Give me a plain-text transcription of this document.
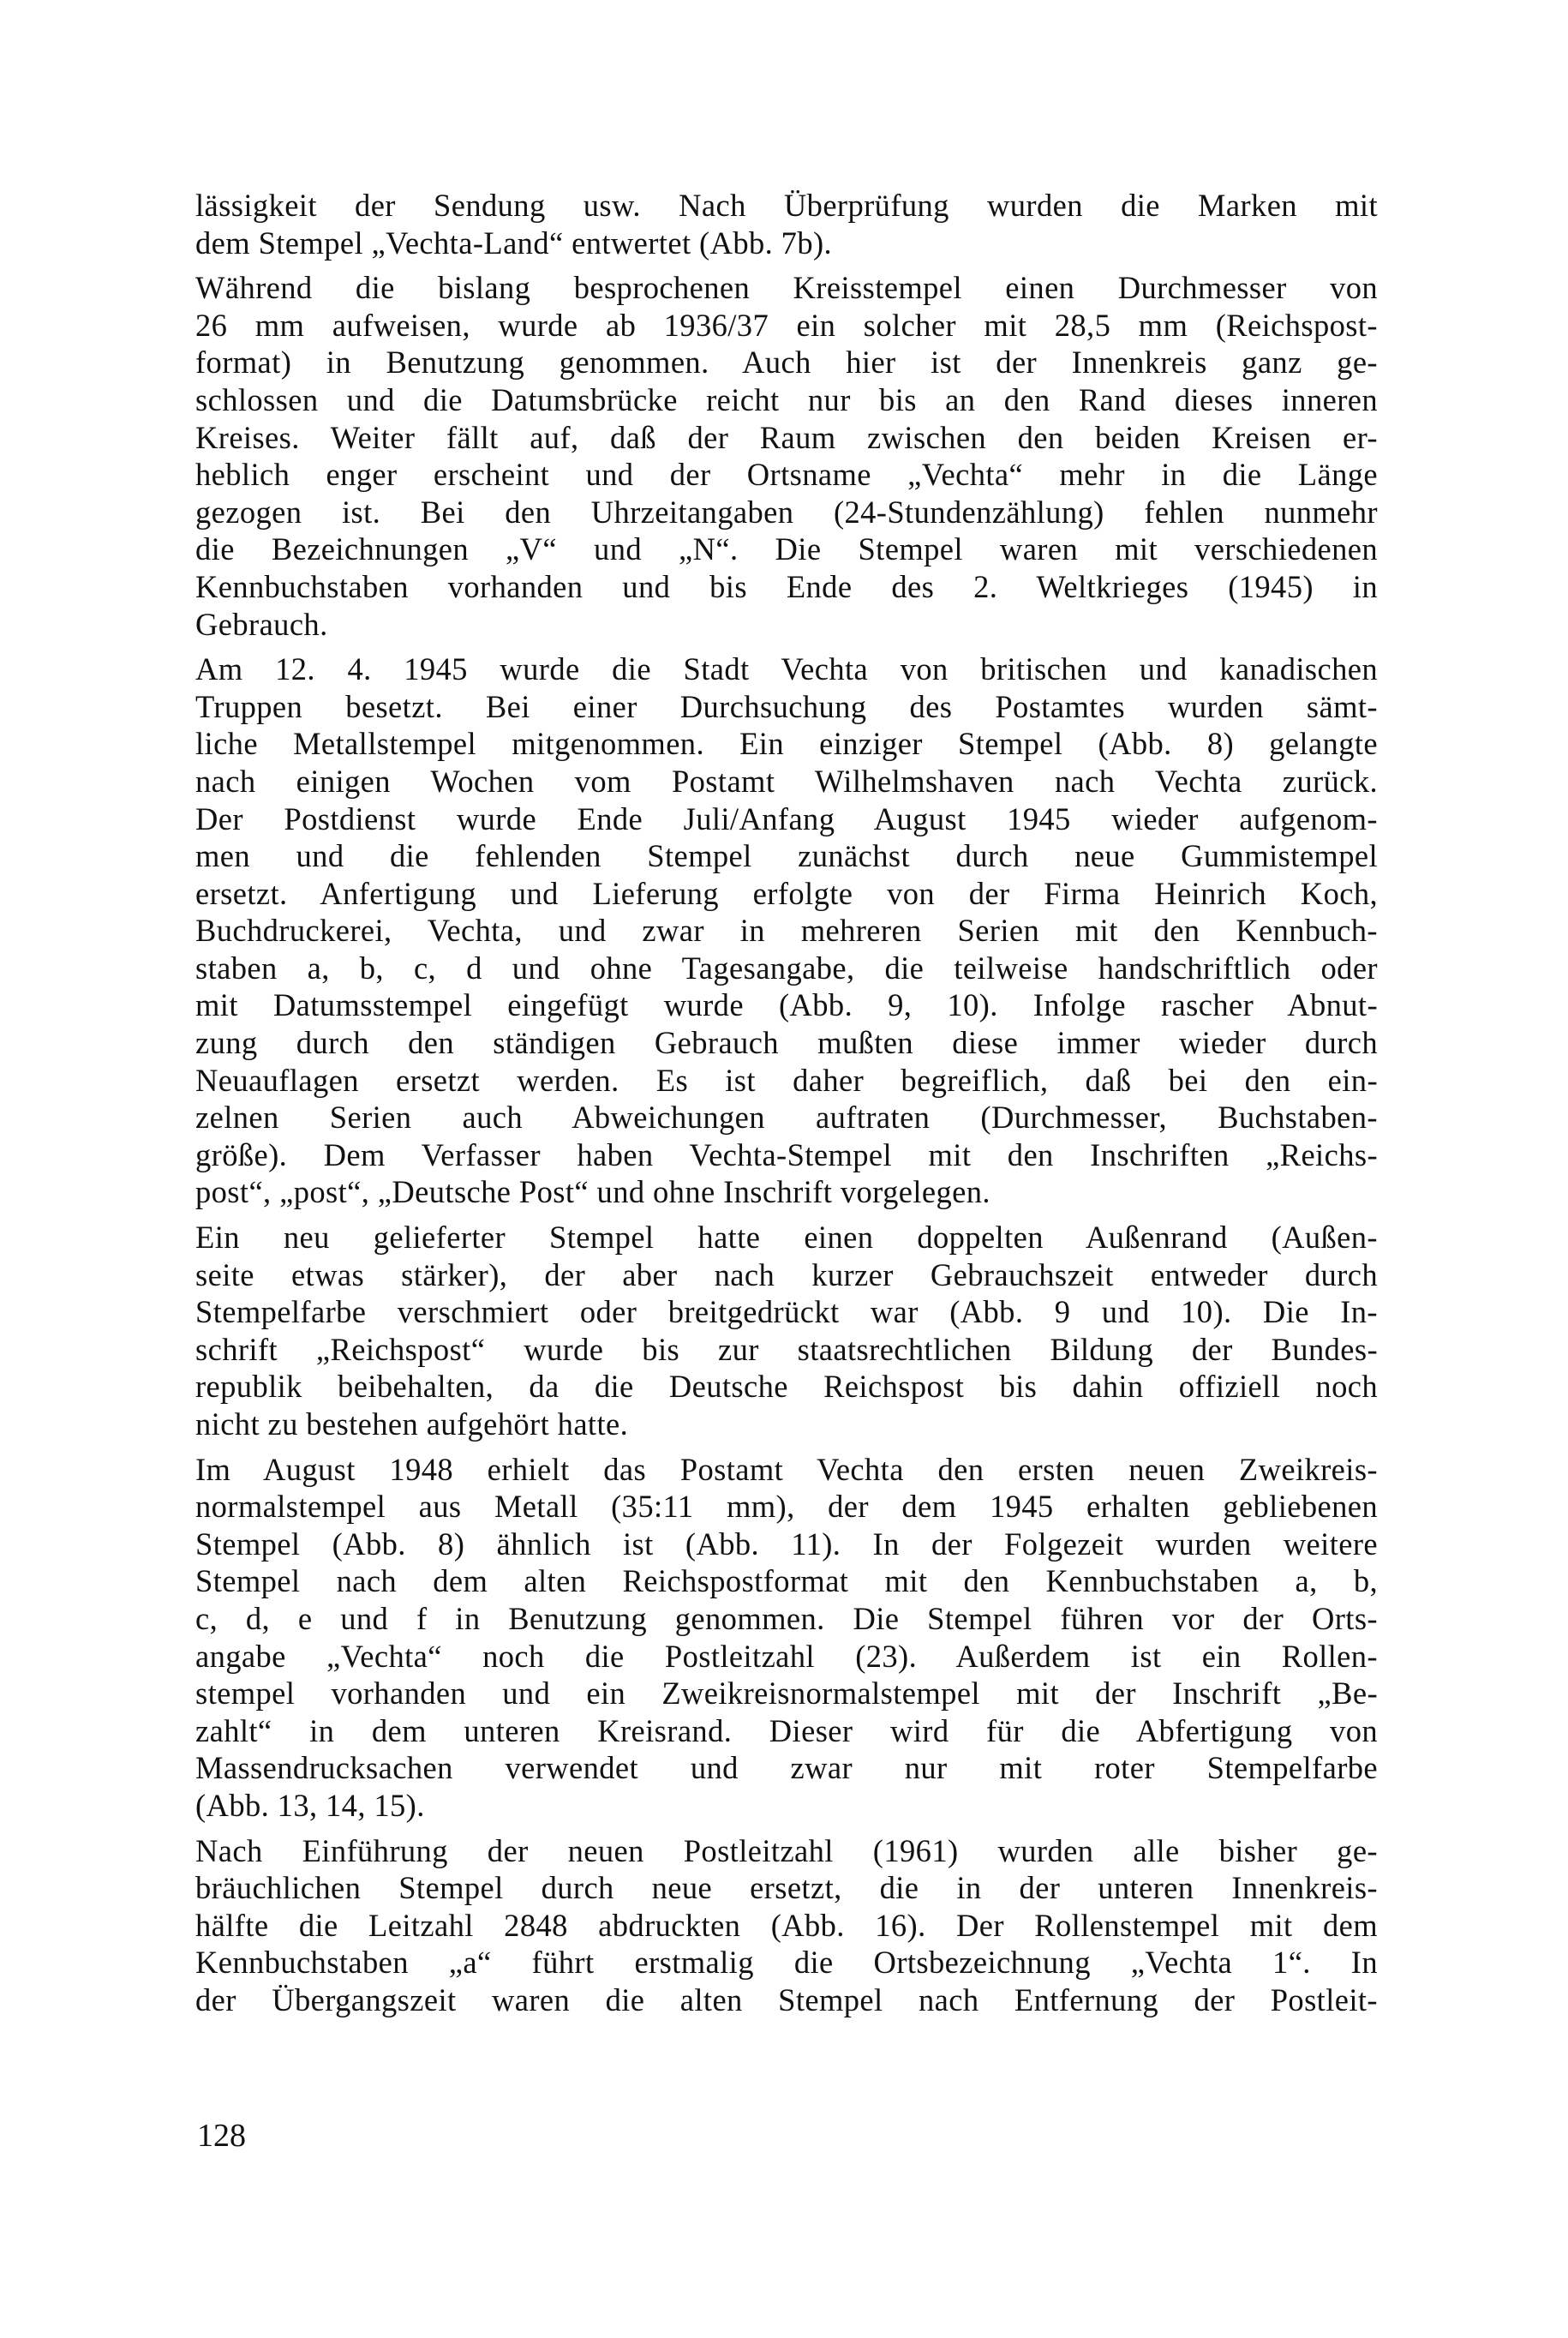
lässigkeit der Sendung usw. Nach Überprüfung wurden die Marken mit
dem Stempel „Vechta-Land“ entwertet (Abb. 7b).
Während die bislang besprochenen Kreisstempel einen Durchmesser von
26 mm aufweisen, wurde ab 1936/37 ein solcher mit 28,5 mm (Reichspost-
format) in Benutzung genommen. Auch hier ist der Innenkreis ganz ge-
schlossen und die Datumsbrücke reicht nur bis an den Rand dieses inneren
Kreises. Weiter fällt auf, daß der Raum zwischen den beiden Kreisen er-
heblich enger erscheint und der Ortsname „Vechta“ mehr in die Länge
gezogen ist. Bei den Uhrzeitangaben (24-Stundenzählung) fehlen nunmehr
die Bezeichnungen „V“ und „N“. Die Stempel waren mit verschiedenen
Kennbuchstaben vorhanden und bis Ende des 2. Weltkrieges (1945) in
Gebrauch.
Am 12. 4. 1945 wurde die Stadt Vechta von britischen und kanadischen
Truppen besetzt. Bei einer Durchsuchung des Postamtes wurden sämt-
liche Metallstempel mitgenommen. Ein einziger Stempel (Abb. 8) gelangte
nach einigen Wochen vom Postamt Wilhelmshaven nach Vechta zurück.
Der Postdienst wurde Ende Juli/Anfang August 1945 wieder aufgenom-
men und die fehlenden Stempel zunächst durch neue Gummistempel
ersetzt. Anfertigung und Lieferung erfolgte von der Firma Heinrich Koch,
Buchdruckerei, Vechta, und zwar in mehreren Serien mit den Kennbuch-
staben a, b, c, d und ohne Tagesangabe, die teilweise handschriftlich oder
mit Datumsstempel eingefügt wurde (Abb. 9, 10). Infolge rascher Abnut-
zung durch den ständigen Gebrauch mußten diese immer wieder durch
Neuauflagen ersetzt werden. Es ist daher begreiflich, daß bei den ein-
zelnen Serien auch Abweichungen auftraten (Durchmesser, Buchstaben-
größe). Dem Verfasser haben Vechta-Stempel mit den Inschriften „Reichs-
post“, „post“, „Deutsche Post“ und ohne Inschrift vorgelegen.
Ein neu gelieferter Stempel hatte einen doppelten Außenrand (Außen-
seite etwas stärker), der aber nach kurzer Gebrauchszeit entweder durch
Stempelfarbe verschmiert oder breitgedrückt war (Abb. 9 und 10). Die In-
schrift „Reichspost“ wurde bis zur staatsrechtlichen Bildung der Bundes-
republik beibehalten, da die Deutsche Reichspost bis dahin offiziell noch
nicht zu bestehen aufgehört hatte.
Im August 1948 erhielt das Postamt Vechta den ersten neuen Zweikreis-
normalstempel aus Metall (35:11 mm), der dem 1945 erhalten gebliebenen
Stempel (Abb. 8) ähnlich ist (Abb. 11). In der Folgezeit wurden weitere
Stempel nach dem alten Reichspostformat mit den Kennbuchstaben a, b,
c, d, e und f in Benutzung genommen. Die Stempel führen vor der Orts-
angabe „Vechta“ noch die Postleitzahl (23). Außerdem ist ein Rollen-
stempel vorhanden und ein Zweikreisnormalstempel mit der Inschrift „Be-
zahlt“ in dem unteren Kreisrand. Dieser wird für die Abfertigung von
Massendrucksachen verwendet und zwar nur mit roter Stempelfarbe
(Abb. 13, 14, 15).
Nach Einführung der neuen Postleitzahl (1961) wurden alle bisher ge-
bräuchlichen Stempel durch neue ersetzt, die in der unteren Innenkreis-
hälfte die Leitzahl 2848 abdruckten (Abb. 16). Der Rollenstempel mit dem
Kennbuchstaben „a“ führt erstmalig die Ortsbezeichnung „Vechta 1“. In
der Übergangszeit waren die alten Stempel nach Entfernung der Postleit-
128
